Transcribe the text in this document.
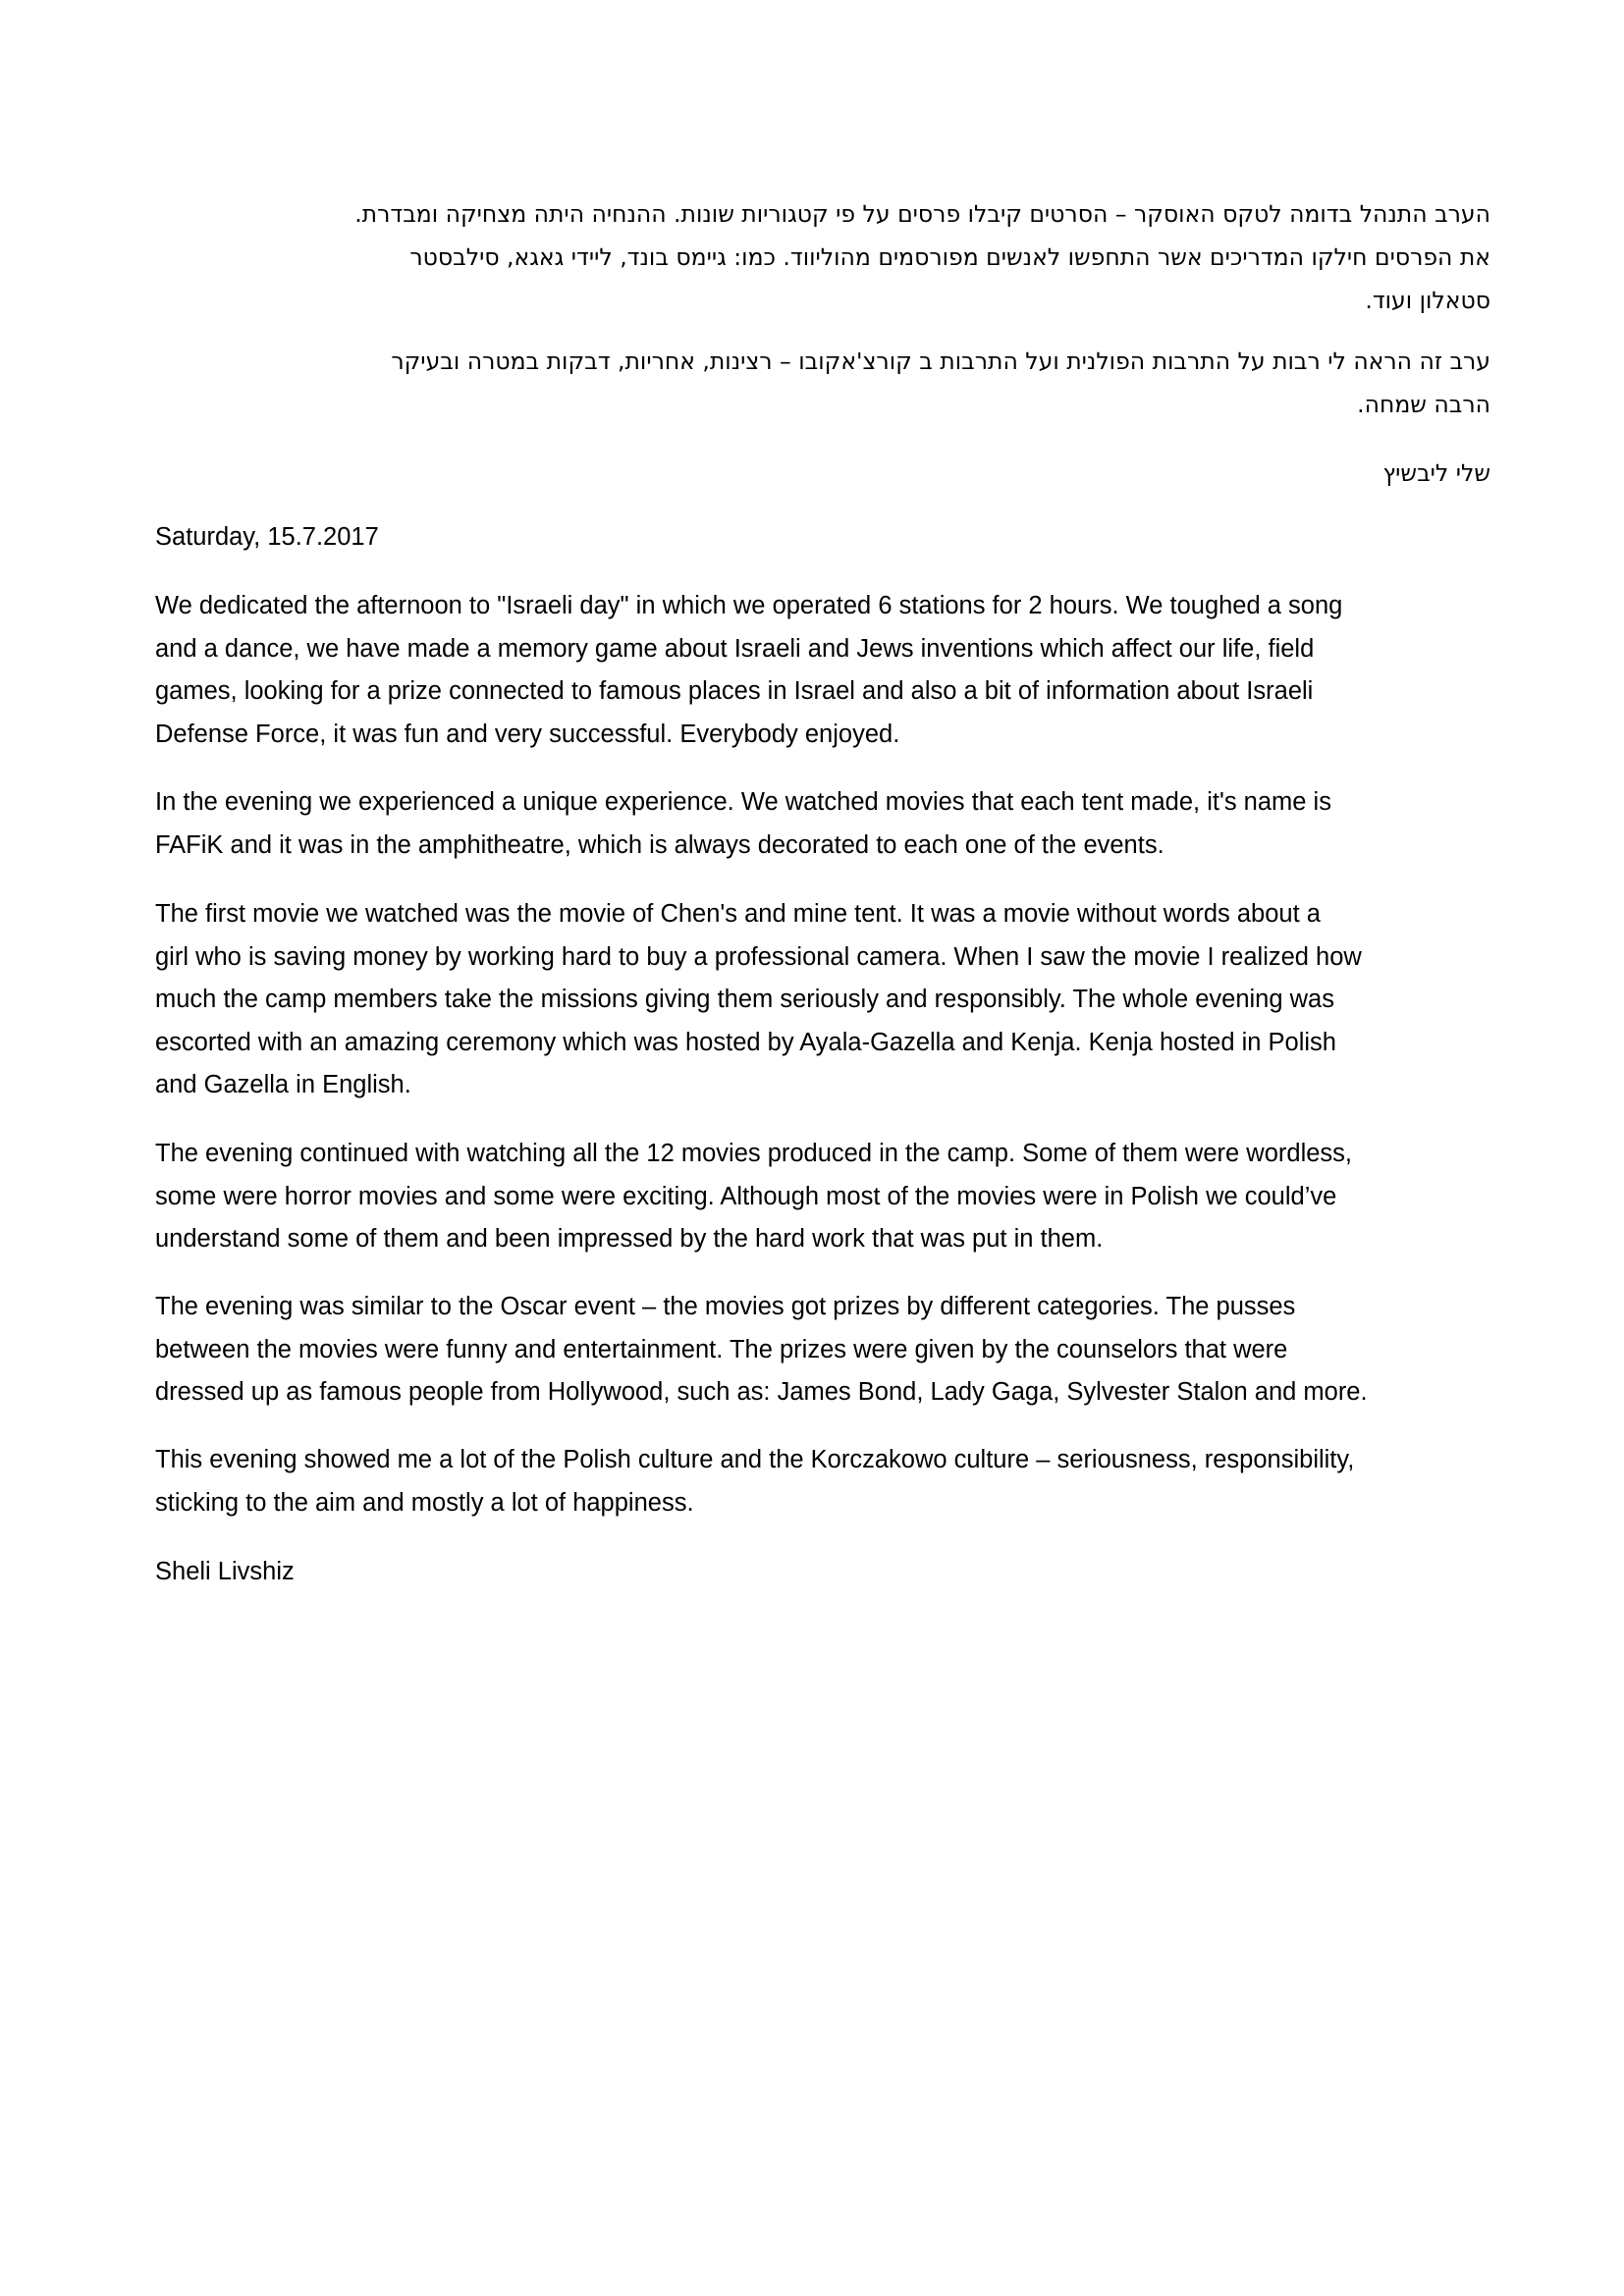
הערב התנהל בדומה לטקס האוסקר – הסרטים קיבלו פרסים על פי קטגוריות שונות. ההנחיה היתה מצחיקה ומבדרת.
את הפרסים חילקו המדריכים אשר התחפשו לאנשים מפורסמים מהוליווד. כמו: גיימס בונד, ליידי גאגא, סילבסטר
סטאלון ועוד.

ערב זה הראה לי רבות על התרבות הפולנית ועל התרבות ב קורצ'אקובו – רצינות, אחריות, דבקות במטרה ובעיקר
הרבה שמחה.

שלי ליבשיץ

Saturday, 15.7.2017

We dedicated the afternoon to "Israeli day" in which we operated 6 stations for 2 hours. We toughed a song
and a dance, we have made a memory game about Israeli and Jews inventions which affect our life, field
games, looking for a prize connected to famous places in Israel and also a bit of information about Israeli
Defense Force, it was fun and very successful. Everybody enjoyed.

In the evening we experienced a unique experience. We watched movies that each tent made, it's name is
FAFiK and it was in the amphitheatre, which is always decorated to each one of the events.

The first movie we watched was the movie of Chen's and mine tent. It was a movie without words about a
girl who is saving money by working hard to buy a professional camera. When I saw the movie I realized how
much the camp members take the missions giving them seriously and responsibly. The whole evening was
escorted with an amazing ceremony which was hosted by Ayala-Gazella and Kenja. Kenja hosted in Polish
and Gazella in English.

The evening continued with watching all the 12 movies produced in the camp. Some of them were wordless,
some were horror movies and some were exciting. Although most of the movies were in Polish we could’ve
understand some of them and been impressed by the hard work that was put in them.

The evening was similar to the Oscar event – the movies got prizes by different categories. The pusses
between the movies were funny and entertainment. The prizes were given by the counselors that were
dressed up as famous people from Hollywood, such as: James Bond, Lady Gaga, Sylvester Stalon and more.

This evening showed me a lot of the Polish culture and the Korczakowo culture – seriousness, responsibility,
sticking to the aim and mostly a lot of happiness.

Sheli Livshiz
